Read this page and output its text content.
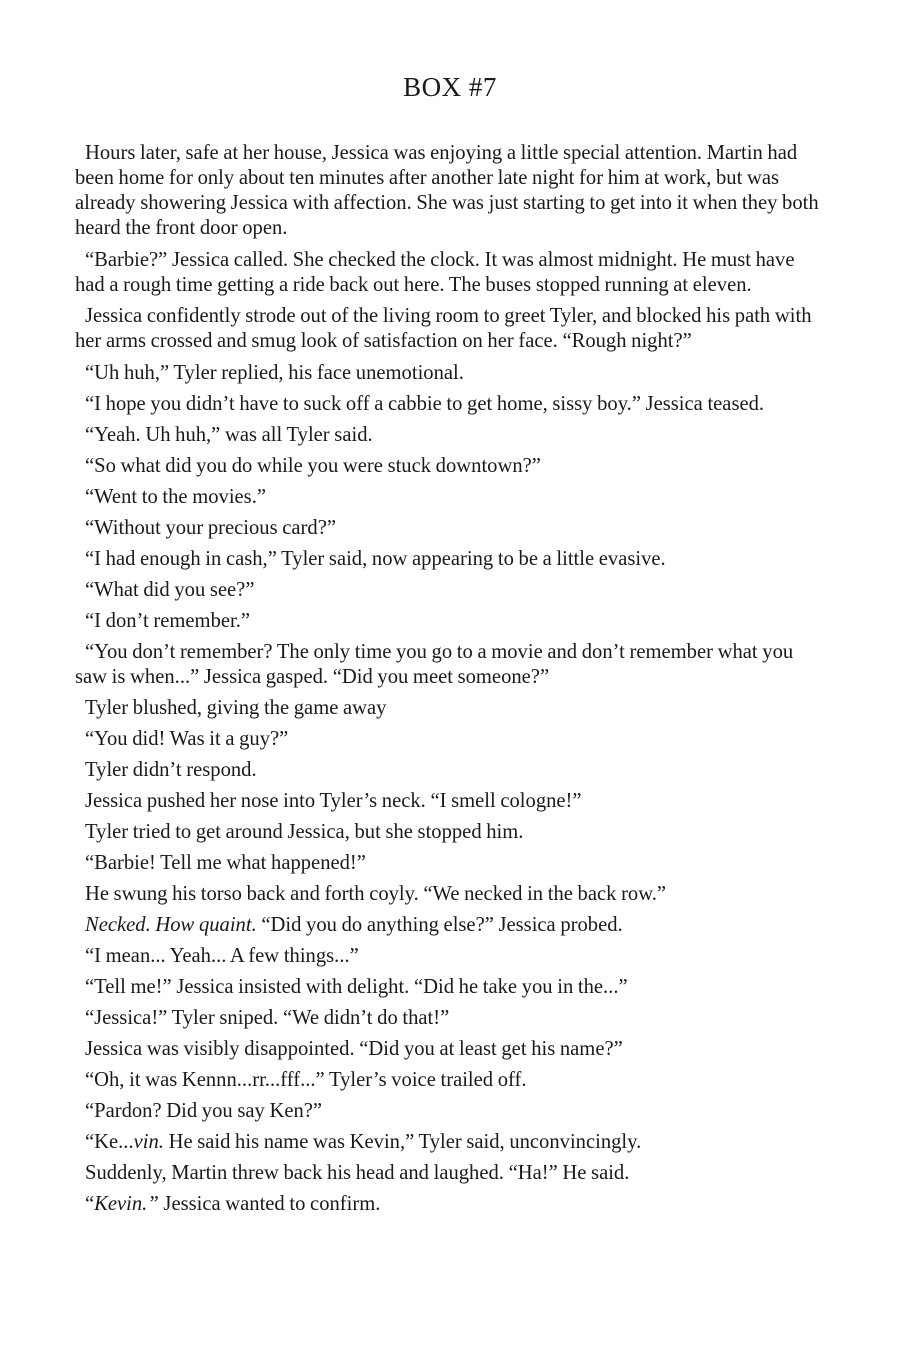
BOX #7

Hours later, safe at her house, Jessica was enjoying a little special attention. Martin had been home for only about ten minutes after another late night for him at work, but was already showering Jessica with affection. She was just starting to get into it when they both heard the front door open.

“Barbie?” Jessica called. She checked the clock. It was almost midnight. He must have had a rough time getting a ride back out here. The buses stopped running at eleven.

Jessica confidently strode out of the living room to greet Tyler, and blocked his path with her arms crossed and smug look of satisfaction on her face. “Rough night?”

“Uh huh,” Tyler replied, his face unemotional.

“I hope you didn’t have to suck off a cabbie to get home, sissy boy.” Jessica teased.

“Yeah. Uh huh,” was all Tyler said.

“So what did you do while you were stuck downtown?”

“Went to the movies.”

“Without your precious card?”

“I had enough in cash,” Tyler said, now appearing to be a little evasive.

“What did you see?”

“I don’t remember.”

“You don’t remember? The only time you go to a movie and don’t remember what you saw is when...” Jessica gasped. “Did you meet someone?”

Tyler blushed, giving the game away

“You did! Was it a guy?”

Tyler didn’t respond.

Jessica pushed her nose into Tyler’s neck. “I smell cologne!”

Tyler tried to get around Jessica, but she stopped him.

“Barbie! Tell me what happened!”

He swung his torso back and forth coyly. “We necked in the back row.”

Necked. How quaint. “Did you do anything else?” Jessica probed.

“I mean... Yeah... A few things...”

“Tell me!” Jessica insisted with delight. “Did he take you in the...”

“Jessica!” Tyler sniped. “We didn’t do that!”

Jessica was visibly disappointed. “Did you at least get his name?”

“Oh, it was Kennn...rr...fff...” Tyler’s voice trailed off.

“Pardon? Did you say Ken?”

“Ke...vin. He said his name was Kevin,” Tyler said, unconvincingly.

Suddenly, Martin threw back his head and laughed. “Ha!” He said.

“Kevin.” Jessica wanted to confirm.
